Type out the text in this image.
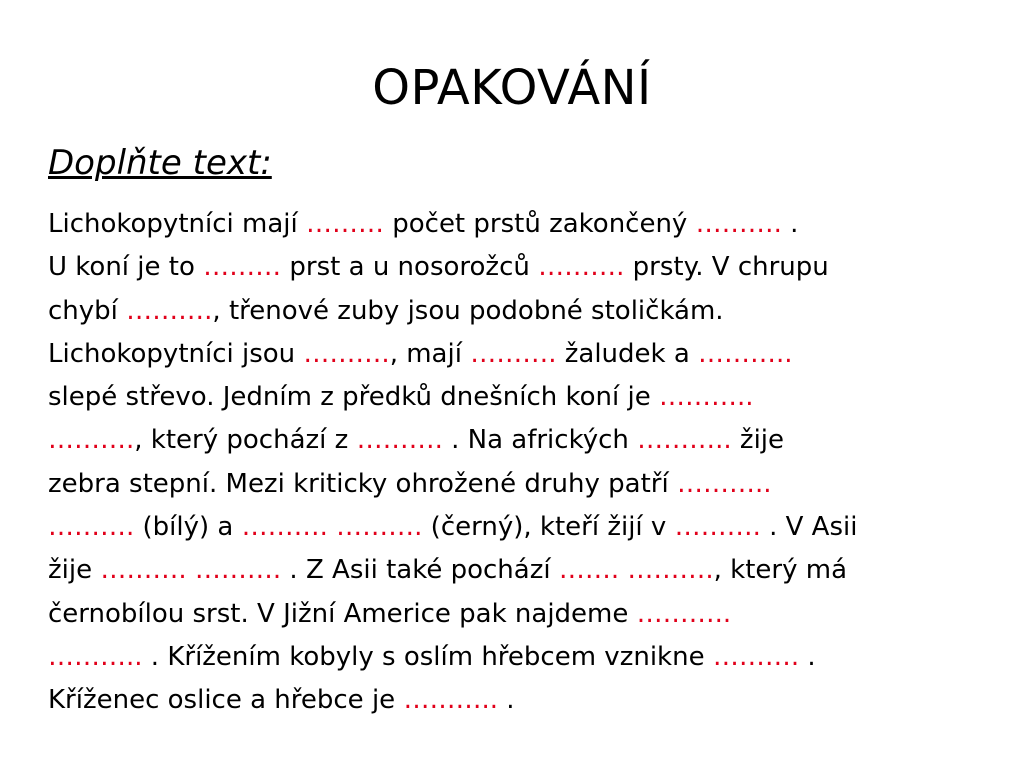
OPAKOVÁNÍ
Doplňte text:
Lichokopytníci mají ……… počet prstů zakončený ………. .
U koní je to ……… prst a u nosorožců ………. prsty. V chrupu
chybí ………., třenové zuby jsou podobné stoličkám.
Lichokopytníci jsou ………., mají ………. žaludek a ………..
slepé střevo. Jedním z předků dnešních koní je ………..
………., který pochází z ………. . Na afrických ……….. žije
zebra stepní. Mezi kriticky ohrožené druhy patří ………..
………. (bílý) a ………. ………. (černý), kteří žijí v ………. . V Asii
žije ………. ………. . Z Asii také pochází ……. ………., který má
černobílou srst. V Jižní Americe pak najdeme ………..
……….. . Křížením kobyly s oslím hřebcem vznikne ………. .
Kříženec oslice a hřebce je ……….. .
